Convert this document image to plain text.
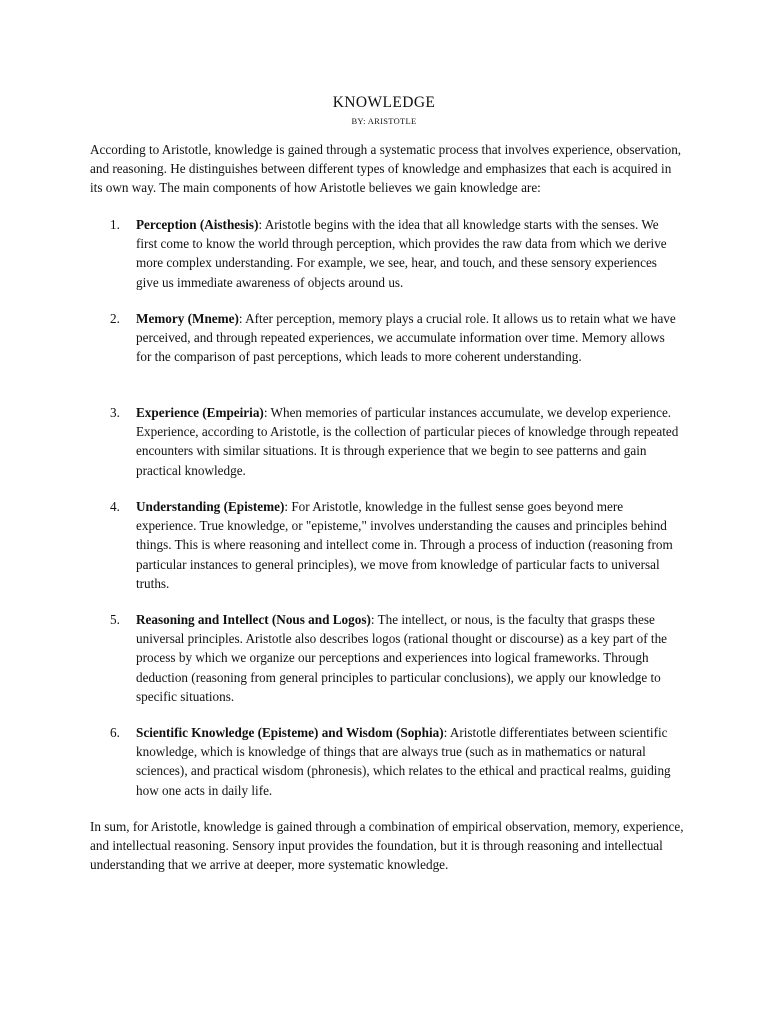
KNOWLEDGE
BY: ARISTOTLE

According to Aristotle, knowledge is gained through a systematic process that involves experience, observation, and reasoning. He distinguishes between different types of knowledge and emphasizes that each is acquired in its own way. The main components of how Aristotle believes we gain knowledge are:

1.	Perception (Aisthesis): Aristotle begins with the idea that all knowledge starts with the senses. We first come to know the world through perception, which provides the raw data from which we derive more complex understanding. For example, we see, hear, and touch, and these sensory experiences give us immediate awareness of objects around us.

2.	Memory (Mneme): After perception, memory plays a crucial role. It allows us to retain what we have perceived, and through repeated experiences, we accumulate information over time. Memory allows for the comparison of past perceptions, which leads to more coherent understanding.

3.	Experience (Empeiria): When memories of particular instances accumulate, we develop experience. Experience, according to Aristotle, is the collection of particular pieces of knowledge through repeated encounters with similar situations. It is through experience that we begin to see patterns and gain practical knowledge.

4.	Understanding (Episteme): For Aristotle, knowledge in the fullest sense goes beyond mere experience. True knowledge, or "episteme," involves understanding the causes and principles behind things. This is where reasoning and intellect come in. Through a process of induction (reasoning from particular instances to general principles), we move from knowledge of particular facts to universal truths.

5.	Reasoning and Intellect (Nous and Logos): The intellect, or nous, is the faculty that grasps these universal principles. Aristotle also describes logos (rational thought or discourse) as a key part of the process by which we organize our perceptions and experiences into logical frameworks. Through deduction (reasoning from general principles to particular conclusions), we apply our knowledge to specific situations.

6.	Scientific Knowledge (Episteme) and Wisdom (Sophia): Aristotle differentiates between scientific knowledge, which is knowledge of things that are always true (such as in mathematics or natural sciences), and practical wisdom (phronesis), which relates to the ethical and practical realms, guiding how one acts in daily life.

In sum, for Aristotle, knowledge is gained through a combination of empirical observation, memory, experience, and intellectual reasoning. Sensory input provides the foundation, but it is through reasoning and intellectual understanding that we arrive at deeper, more systematic knowledge.
